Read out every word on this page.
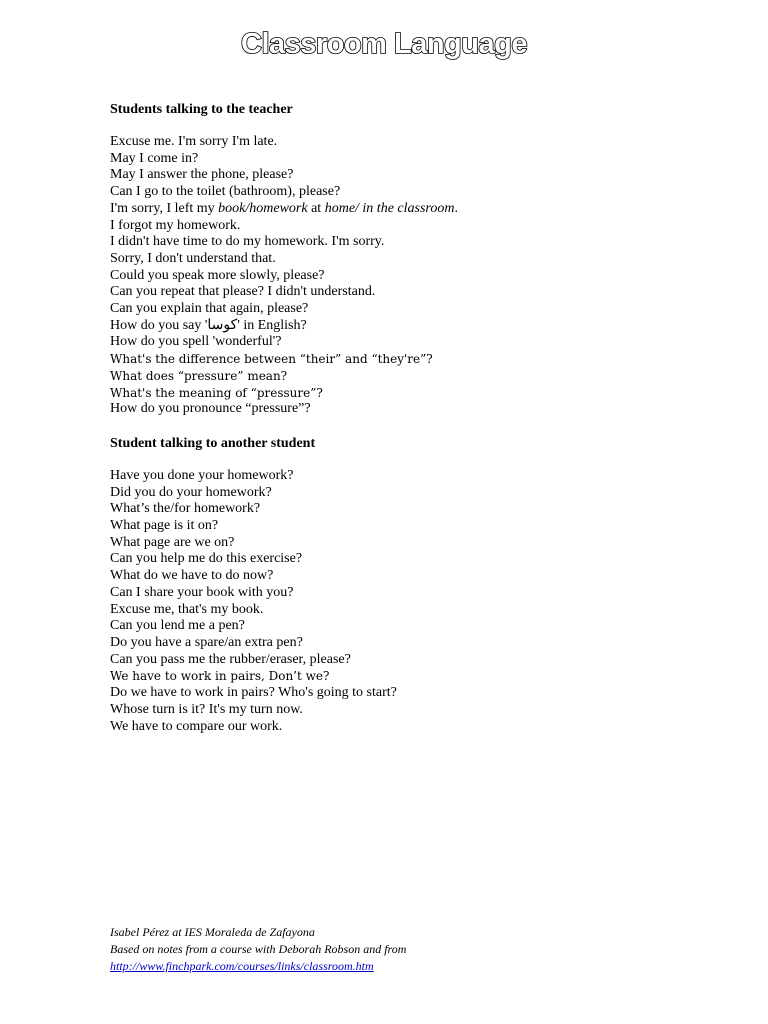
Classroom Language
Students talking to the teacher
Excuse me. I'm sorry I'm late.
May I come in?
May I answer the phone, please?
Can I go to the toilet (bathroom), please?
I'm sorry, I left my book/homework at home/ in the classroom.
I forgot my homework.
I didn't have time to do my homework. I'm sorry.
Sorry, I don't understand that.
Could you speak more slowly, please?
Can you repeat that please? I didn't understand.
Can you explain that again, please?
How do you say 'كوسا' in English?
How do you spell 'wonderful'?
What's the difference between “their” and “they're”?
What does “pressure” mean?
What's the meaning of “pressure”?
How do you pronounce “pressure”?
Student talking to another student
Have you done your homework?
Did you do your homework?
What’s the/for homework?
What page is it on?
What page are we on?
Can you help me do this exercise?
What do we have to do now?
Can I share your book with you?
Excuse me, that's my book.
Can you lend me a pen?
Do you have a spare/an extra pen?
Can you pass me the rubber/eraser, please?
We have to work in pairs, Don’t we?
Do we have to work in pairs? Who's going to start?
Whose turn is it? It's my turn now.
We have to compare our work.
Isabel Pérez at IES Moraleda de Zafayona
Based on notes from a course with Deborah Robson and from
http://www.finchpark.com/courses/links/classroom.htm
